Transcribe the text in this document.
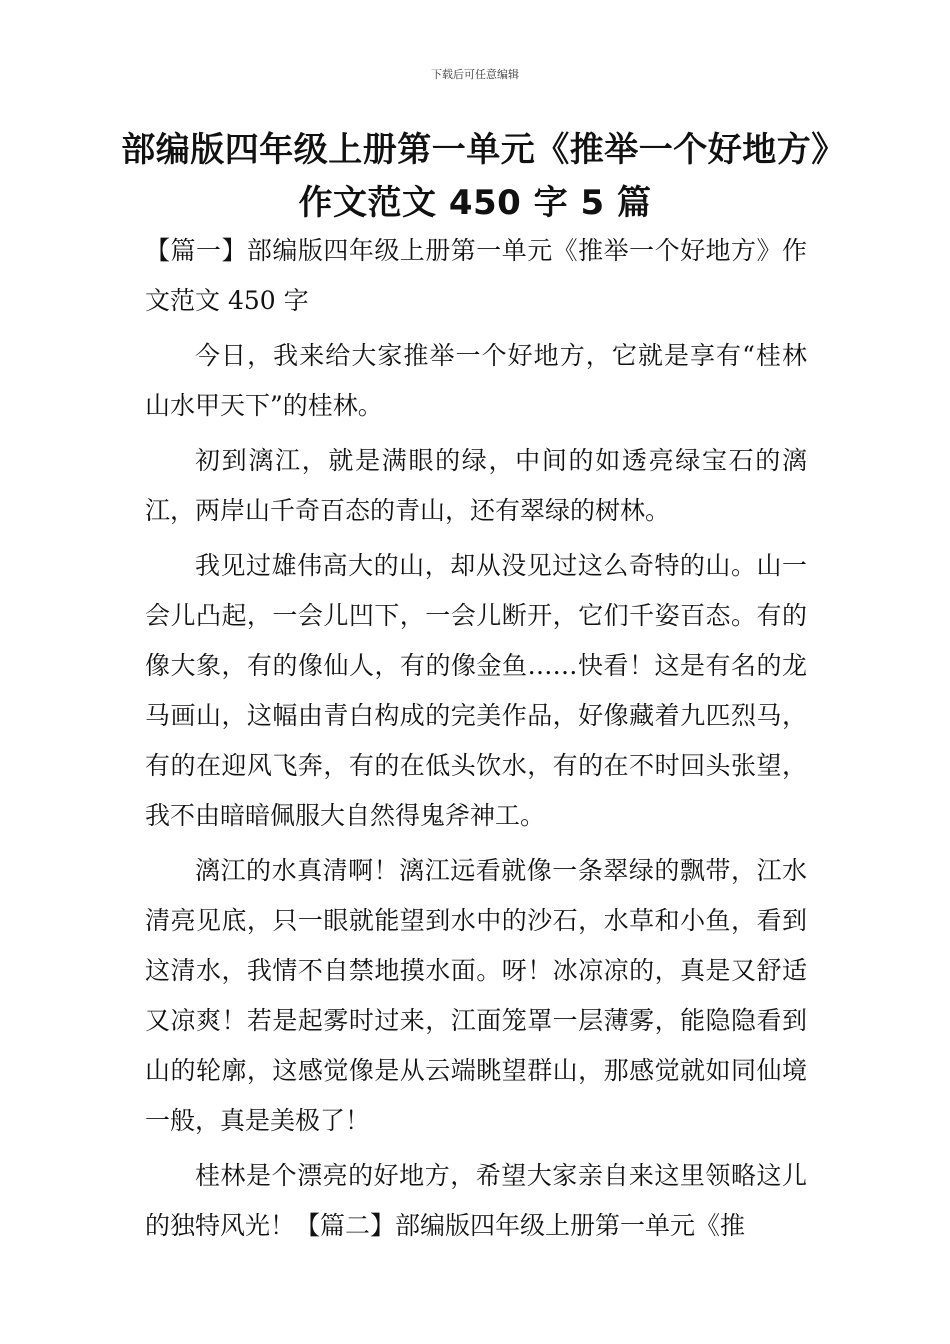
下载后可任意编辑
部编版四年级上册第一单元《推举一个好地方》作文范文 450 字 5 篇

【篇一】部编版四年级上册第一单元《推举一个好地方》作文范文 450 字

今日，我来给大家推举一个好地方，它就是享有“桂林山水甲天下”的桂林。

初到漓江，就是满眼的绿，中间的如透亮绿宝石的漓江，两岸山千奇百态的青山，还有翠绿的树林。

我见过雄伟高大的山，却从没见过这么奇特的山。山一会儿凸起，一会儿凹下，一会儿断开，它们千姿百态。有的像大象，有的像仙人，有的像金鱼……快看！这是有名的龙马画山，这幅由青白构成的完美作品，好像藏着九匹烈马，有的在迎风飞奔，有的在低头饮水，有的在不时回头张望，我不由暗暗佩服大自然得鬼斧神工。

漓江的水真清啊！漓江远看就像一条翠绿的飘带，江水清亮见底，只一眼就能望到水中的沙石，水草和小鱼，看到这清水，我情不自禁地摸水面。呀！冰凉凉的，真是又舒适又凉爽！若是起雾时过来，江面笼罩一层薄雾，能隐隐看到山的轮廓，这感觉像是从云端眺望群山，那感觉就如同仙境一般，真是美极了！

桂林是个漂亮的好地方，希望大家亲自来这里领略这儿的独特风光！【篇二】部编版四年级上册第一单元《推
